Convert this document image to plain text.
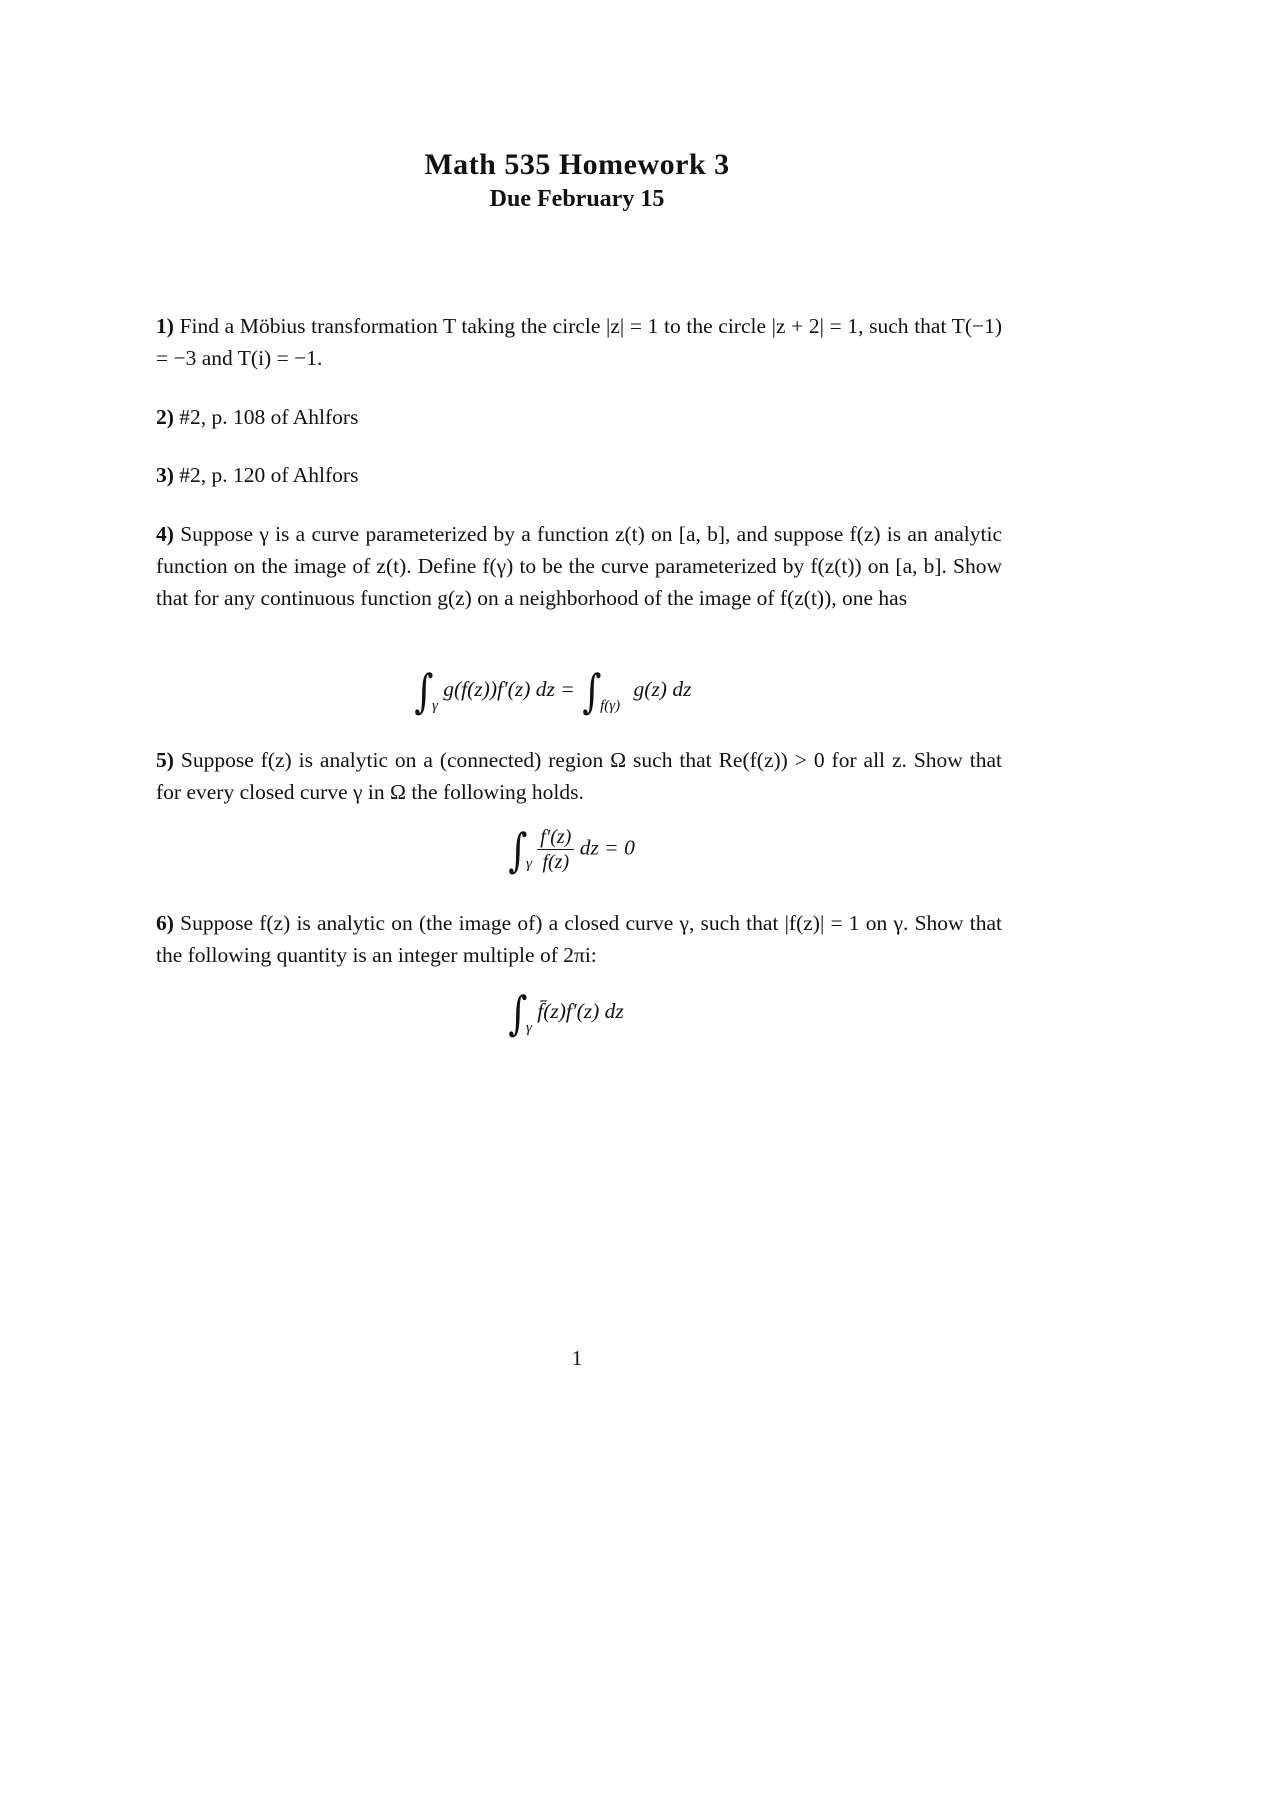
Math 535 Homework 3
Due February 15
1) Find a Möbius transformation T taking the circle |z| = 1 to the circle |z + 2| = 1, such that T(−1) = −3 and T(i) = −1.
2) #2, p. 108 of Ahlfors
3) #2, p. 120 of Ahlfors
4) Suppose γ is a curve parameterized by a function z(t) on [a, b], and suppose f(z) is an analytic function on the image of z(t). Define f(γ) to be the curve parameterized by f(z(t)) on [a, b]. Show that for any continuous function g(z) on a neighborhood of the image of f(z(t)), one has
$\int_\gamma$ g(f(z))f′(z) dz = $\int_{f(\gamma)}$ g(z) dz
5) Suppose f(z) is analytic on a (connected) region Ω such that Re(f(z)) > 0 for all z. Show that for every closed curve γ in Ω the following holds.
$\int_\gamma \frac{f'(z)}{f(z)}$ dz = 0
6) Suppose f(z) is analytic on (the image of) a closed curve γ, such that |f(z)| = 1 on γ. Show that the following quantity is an integer multiple of 2πi:
$\int_\gamma$ f̄(z)f′(z) dz
1
